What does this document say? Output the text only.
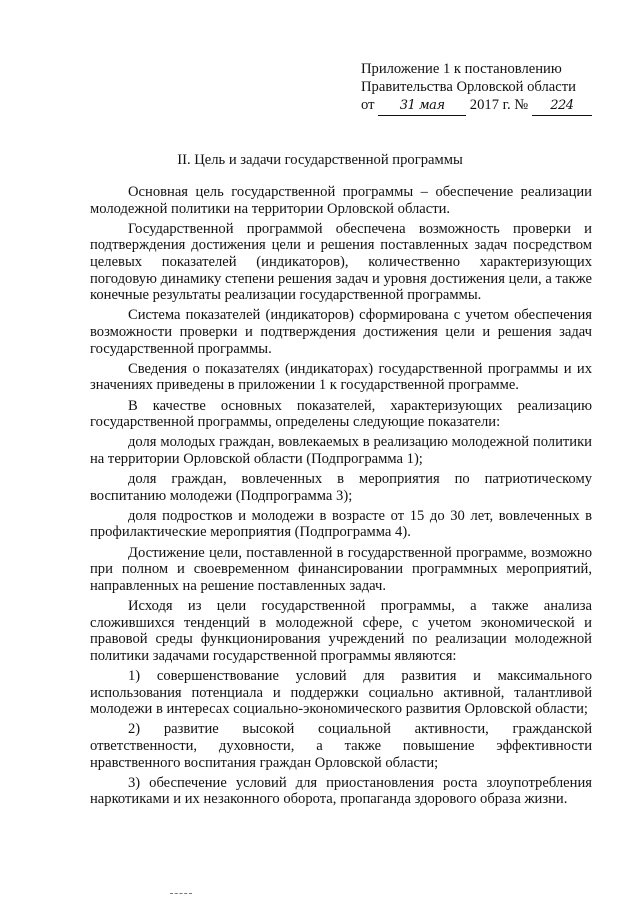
Приложение 1 к постановлению
Правительства Орловской области
от 31 мая 2017 г. № 224
II. Цель и задачи государственной программы

Основная цель государственной программы – обеспечение реализации молодежной политики на территории Орловской области.

Государственной программой обеспечена возможность проверки и подтверждения достижения цели и решения поставленных задач посредством целевых показателей (индикаторов), количественно характеризующих погодовую динамику степени решения задач и уровня достижения цели, а также конечные результаты реализации государственной программы.

Система показателей (индикаторов) сформирована с учетом обеспечения возможности проверки и подтверждения достижения цели и решения задач государственной программы.

Сведения о показателях (индикаторах) государственной программы и их значениях приведены в приложении 1 к государственной программе.

В качестве основных показателей, характеризующих реализацию государственной программы, определены следующие показатели:

доля молодых граждан, вовлекаемых в реализацию молодежной политики на территории Орловской области (Подпрограмма 1);

доля граждан, вовлеченных в мероприятия по патриотическому воспитанию молодежи (Подпрограмма 3);

доля подростков и молодежи в возрасте от 15 до 30 лет, вовлеченных в профилактические мероприятия (Подпрограмма 4).

Достижение цели, поставленной в государственной программе, возможно при полном и своевременном финансировании программных мероприятий, направленных на решение поставленных задач.

Исходя из цели государственной программы, а также анализа сложившихся тенденций в молодежной сфере, с учетом экономической и правовой среды функционирования учреждений по реализации молодежной политики задачами государственной программы являются:

1) совершенствование условий для развития и максимального использования потенциала и поддержки социально активной, талантливой молодежи в интересах социально-экономического развития Орловской области;

2) развитие высокой социальной активности, гражданской ответственности, духовности, а также повышение эффективности нравственного воспитания граждан Орловской области;

3) обеспечение условий для приостановления роста злоупотребления наркотиками и их незаконного оборота, пропаганда здорового образа жизни.
